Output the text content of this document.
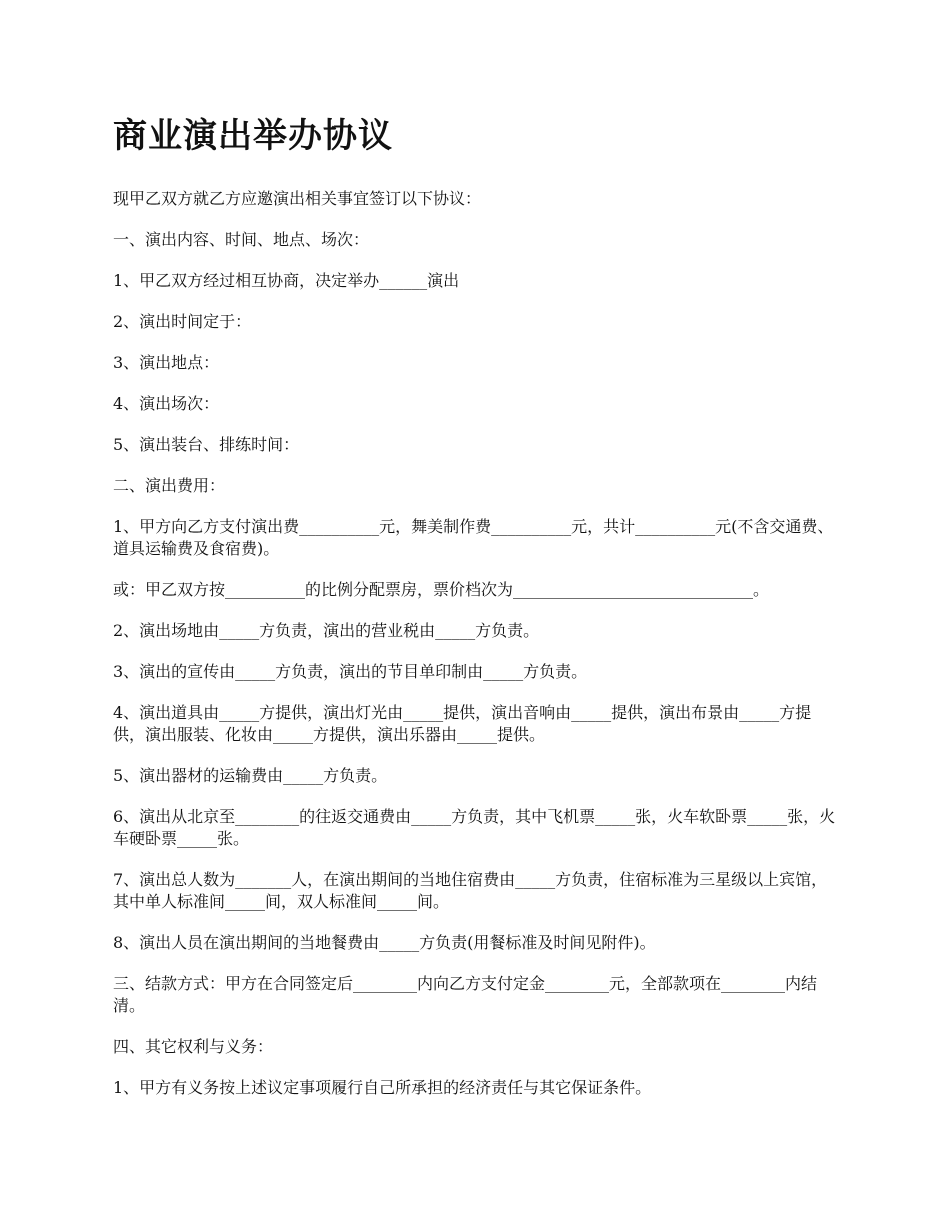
商业演出举办协议

现甲乙双方就乙方应邀演出相关事宜签订以下协议：

一、演出内容、时间、地点、场次：

1、甲乙双方经过相互协商，决定举办______演出

2、演出时间定于：

3、演出地点：

4、演出场次：

5、演出装台、排练时间：

二、演出费用：

1、甲方向乙方支付演出费__________元，舞美制作费__________元，共计__________元(不含交通费、道具运输费及食宿费)。

或：甲乙双方按__________的比例分配票房，票价档次为______________________________。

2、演出场地由_____方负责，演出的营业税由_____方负责。

3、演出的宣传由_____方负责，演出的节目单印制由_____方负责。

4、演出道具由_____方提供，演出灯光由_____提供，演出音响由_____提供，演出布景由_____方提供，演出服装、化妆由_____方提供，演出乐器由_____提供。

5、演出器材的运输费由_____方负责。

6、演出从北京至________的往返交通费由_____方负责，其中飞机票_____张，火车软卧票_____张，火车硬卧票_____张。

7、演出总人数为_______人，在演出期间的当地住宿费由_____方负责，住宿标准为三星级以上宾馆，其中单人标准间_____间，双人标准间_____间。

8、演出人员在演出期间的当地餐费由_____方负责(用餐标准及时间见附件)。

三、结款方式：甲方在合同签定后________内向乙方支付定金________元，全部款项在________内结清。

四、其它权利与义务：

1、甲方有义务按上述议定事项履行自己所承担的经济责任与其它保证条件。
